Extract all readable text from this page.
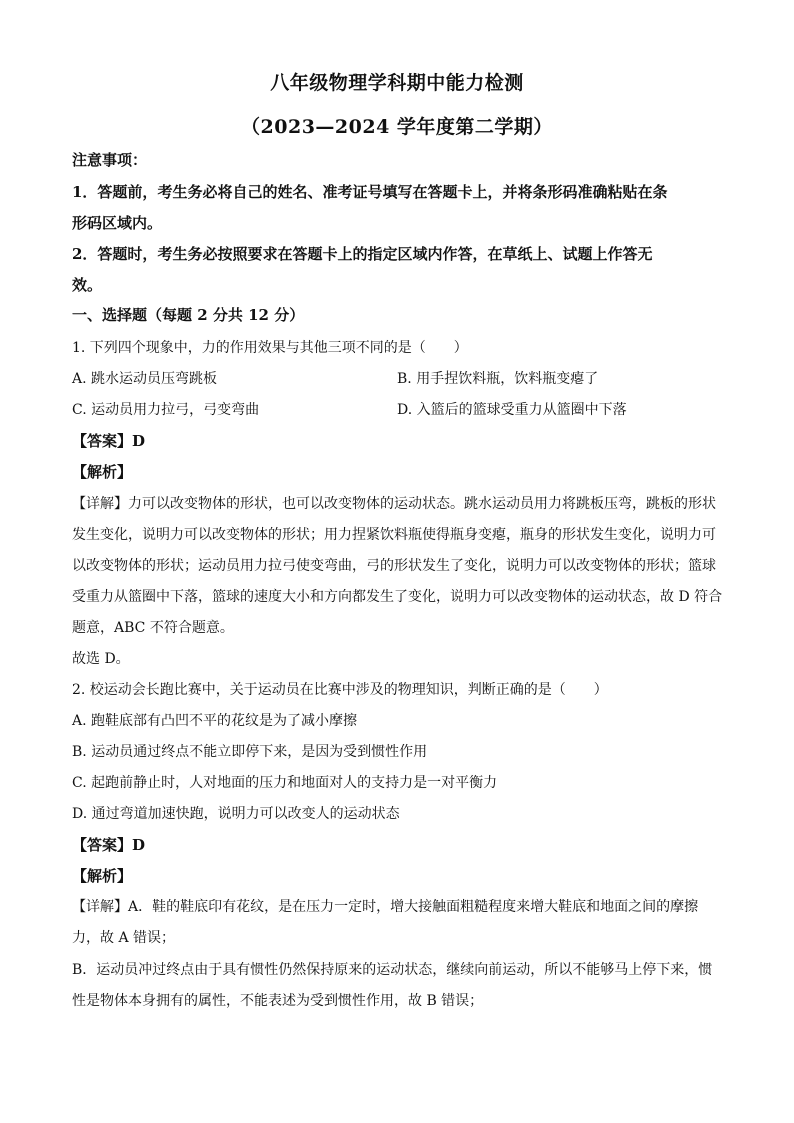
八年级物理学科期中能力检测
（2023—2024 学年度第二学期）
注意事项：
1．答题前，考生务必将自己的姓名、准考证号填写在答题卡上，并将条形码准确粘贴在条
形码区域内。
2．答题时，考生务必按照要求在答题卡上的指定区域内作答，在草纸上、试题上作答无
效。
一、选择题（每题 2 分共 12 分）
1. 下列四个现象中，力的作用效果与其他三项不同的是（　　）
A. 跳水运动员压弯跳板	B. 用手捏饮料瓶，饮料瓶变瘪了
C. 运动员用力拉弓，弓变弯曲	D. 入篮后的篮球受重力从篮圈中下落
【答案】D
【解析】
【详解】力可以改变物体的形状，也可以改变物体的运动状态。跳水运动员用力将跳板压弯，跳板的形状
发生变化，说明力可以改变物体的形状；用力捏紧饮料瓶使得瓶身变瘪，瓶身的形状发生变化，说明力可
以改变物体的形状；运动员用力拉弓使变弯曲，弓的形状发生了变化，说明力可以改变物体的形状；篮球
受重力从篮圈中下落，篮球的速度大小和方向都发生了变化，说明力可以改变物体的运动状态，故 D 符合
题意，ABC 不符合题意。
故选 D。
2. 校运动会长跑比赛中，关于运动员在比赛中涉及的物理知识，判断正确的是（　　）
A. 跑鞋底部有凸凹不平的花纹是为了减小摩擦
B. 运动员通过终点不能立即停下来，是因为受到惯性作用
C. 起跑前静止时，人对地面的压力和地面对人的支持力是一对平衡力
D. 通过弯道加速快跑，说明力可以改变人的运动状态
【答案】D
【解析】
【详解】A．鞋的鞋底印有花纹，是在压力一定时，增大接触面粗糙程度来增大鞋底和地面之间的摩擦
力，故 A 错误；
B．运动员冲过终点由于具有惯性仍然保持原来的运动状态，继续向前运动，所以不能够马上停下来，惯
性是物体本身拥有的属性，不能表述为受到惯性作用，故 B 错误；
